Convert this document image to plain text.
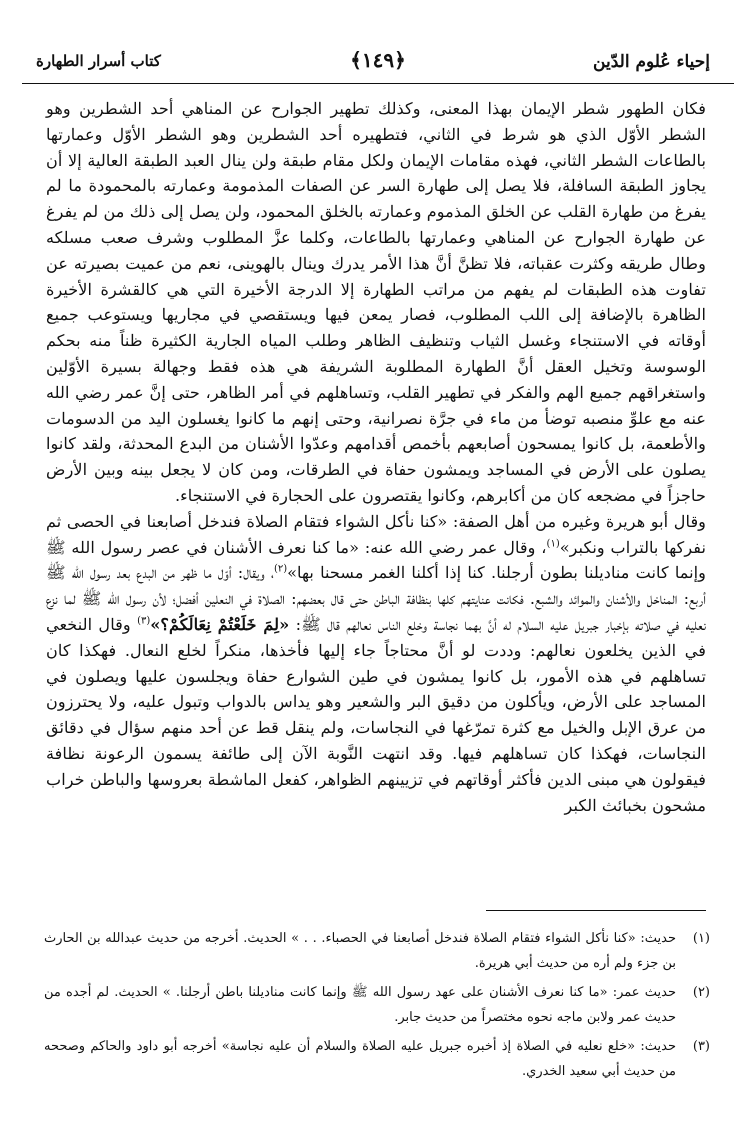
إحياء عُلوم الدّين
﴿١٤٩﴾
كتاب أسرار الطهارة

فكان الطهور شطر الإيمان بهذا المعنى، وكذلك تطهير الجوارح عن المناهي أحد الشطرين وهو الشطر الأوّل الذي هو شرط في الثاني، فتطهيره أحد الشطرين وهو الشطر الأوّل وعمارتها بالطاعات الشطر الثاني، فهذه مقامات الإيمان ولكل مقام طبقة ولن ينال العبد الطبقة العالية إلا أن يجاوز الطبقة السافلة، فلا يصل إلى طهارة السر عن الصفات المذمومة وعمارته بالمحمودة ما لم يفرغ من طهارة القلب عن الخلق المذموم وعمارته بالخلق المحمود، ولن يصل إلى ذلك من لم يفرغ عن طهارة الجوارح عن المناهي وعمارتها بالطاعات، وكلما عزَّ المطلوب وشرف صعب مسلكه وطال طريقه وكثرت عقباته، فلا تظنَّ أنَّ هذا الأمر يدرك وينال بالهوينى، نعم من عميت بصيرته عن تفاوت هذه الطبقات لم يفهم من مراتب الطهارة إلا الدرجة الأخيرة التي هي كالقشرة الأخيرة الظاهرة بالإضافة إلى اللب المطلوب، فصار يمعن فيها ويستقصي في مجاريها ويستوعب جميع أوقاته في الاستنجاء وغسل الثياب وتنظيف الظاهر وطلب المياه الجارية الكثيرة ظناً منه بحكم الوسوسة وتخيل العقل أنَّ الطهارة المطلوبة الشريفة هي هذه فقط وجهالة بسيرة الأوّلين واستغراقهم جميع الهم والفكر في تطهير القلب، وتساهلهم في أمر الظاهر، حتى إنَّ عمر رضي الله عنه مع علوِّ منصبه توضأ من ماء في جرَّة نصرانية، وحتى إنهم ما كانوا يغسلون اليد من الدسومات والأطعمة، بل كانوا يمسحون أصابعهم بأخمص أقدامهم وعدّوا الأشنان من البدع المحدثة، ولقد كانوا يصلون على الأرض في المساجد ويمشون حفاة في الطرقات، ومن كان لا يجعل بينه وبين الأرض حاجزاً في مضجعه كان من أكابرهم، وكانوا يقتصرون على الحجارة في الاستنجاء.

وقال أبو هريرة وغيره من أهل الصفة: «كنا نأكل الشواء فتقام الصلاة فندخل أصابعنا في الحصى ثم نفركها بالتراب ونكبر»$^{(١)}$، وقال عمر رضي الله عنه: «ما كنا نعرف الأشنان في عصر رسول الله ﷺ وإنما كانت مناديلنا بطون أرجلنا. كنا إذا أكلنا الغمر مسحنا بها»$^{(٢)}$، ويقال: أوّل ما ظهر من البدع بعد رسول الله ﷺ أربع: المناخل والأشنان والموائد والشبع. فكانت عنايتهم كلها بنظافة الباطن حتى قال بعضهم: الصلاة في النعلين أفضل؛ لأن رسول الله ﷺ لما نزع نعليه في صلاته بإخبار جبريل عليه السلام له أنَّ بهما نجاسة وخلع الناس نعالهم قال ﷺ: «لِمَ خَلَعْتُمْ نِعَالَكُمْ؟»$^{(٣)}$ وقال النخعي في الذين يخلعون نعالهم: وددت لو أنَّ محتاجاً جاء إليها فأخذها، منكراً لخلع النعال. فهكذا كان تساهلهم في هذه الأمور، بل كانوا يمشون في طين الشوارع حفاة ويجلسون عليها ويصلون في المساجد على الأرض، ويأكلون من دقيق البر والشعير وهو يداس بالدواب وتبول عليه، ولا يحترزون من عرق الإبل والخيل مع كثرة تمرّغها في النجاسات، ولم ينقل قط عن أحد منهم سؤال في دقائق النجاسات، فهكذا كان تساهلهم فيها. وقد انتهت النَّوبة الآن إلى طائفة يسمون الرعونة نظافة فيقولون هي مبنى الدين فأكثر أوقاتهم في تزيينهم الظواهر، كفعل الماشطة بعروسها والباطن خراب مشحون بخبائث الكبر

(١)
حديث: «كنا نأكل الشواء فتقام الصلاة فندخل أصابعنا في الحصباء. . . » الحديث. أخرجه من حديث عبدالله بن الحارث بن جزء ولم أره من حديث أبي هريرة.
(٢)
حديث عمر: «ما كنا نعرف الأشنان على عهد رسول الله ﷺ وإنما كانت مناديلنا باطن أرجلنا. » الحديث. لم أجده من حديث عمر ولابن ماجه نحوه مختصراً من حديث جابر.
(٣)
حديث: «خلع نعليه في الصلاة إذ أخبره جبريل عليه الصلاة والسلام أن عليه نجاسة» أخرجه أبو داود والحاكم وصححه من حديث أبي سعيد الخدري.
